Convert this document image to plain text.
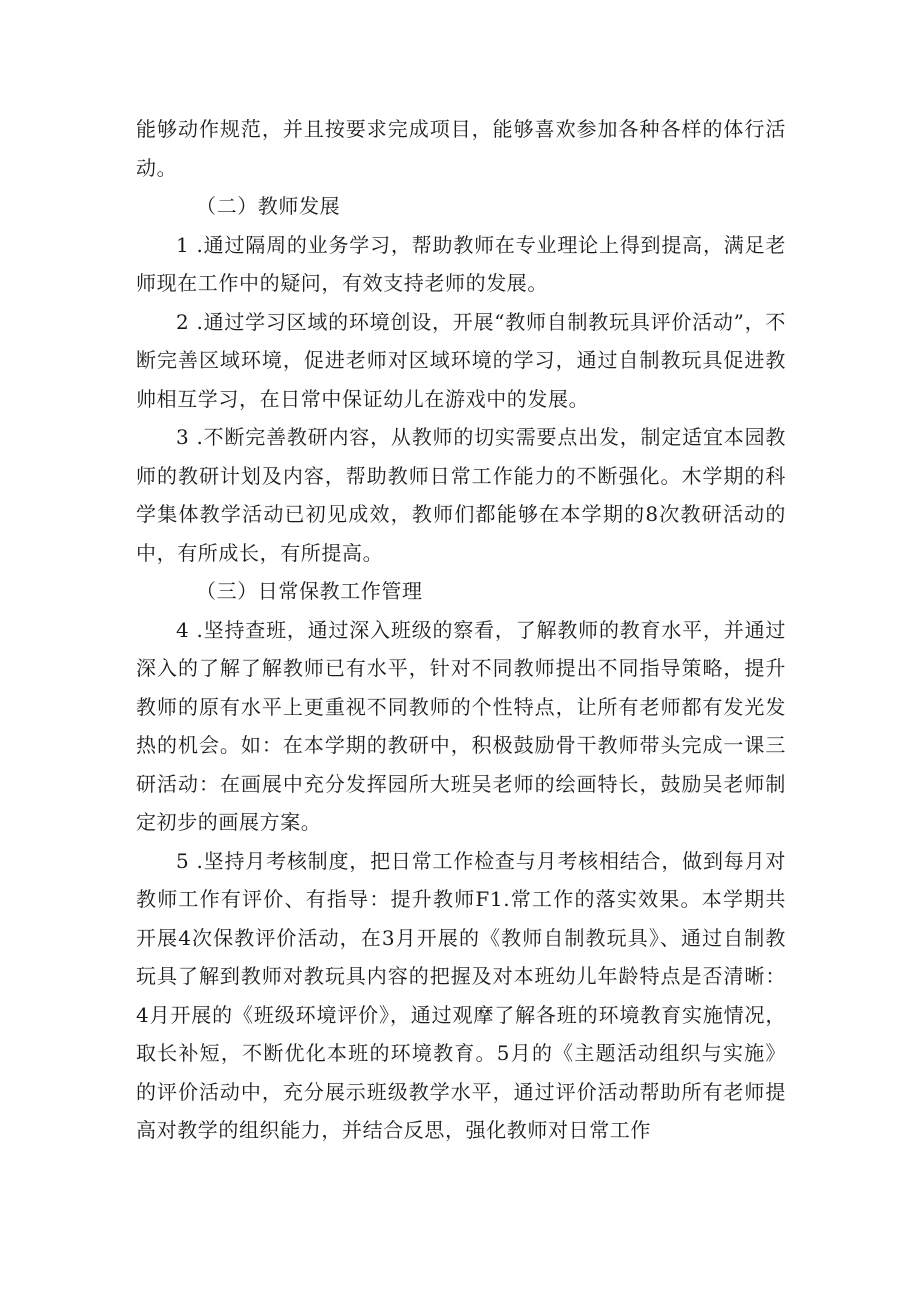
能够动作规范，并且按要求完成项目，能够喜欢参加各种各样的体行活动。

（二）教师发展

1 .通过隔周的业务学习，帮助教师在专业理论上得到提高，满足老师现在工作中的疑问，有效支持老师的发展。

2 .通过学习区域的环境创设，开展“教师自制教玩具评价活动”，不断完善区域环境，促进老师对区域环境的学习，通过自制教玩具促进教帅相互学习，在日常中保证幼儿在游戏中的发展。

3 .不断完善教研内容，从教师的切实需要点出发，制定适宜本园教师的教研计划及内容，帮助教师日常工作能力的不断强化。木学期的科学集体教学活动已初见成效，教师们都能够在本学期的8次教研活动的中，有所成长，有所提高。

（三）日常保教工作管理

4 .坚持查班，通过深入班级的察看，了解教师的教育水平，并通过深入的了解了解教师已有水平，针对不同教师提出不同指导策略，提升教师的原有水平上更重视不同教师的个性特点，让所有老师都有发光发热的机会。如：在本学期的教研中，积极鼓励骨干教师带头完成一课三研活动：在画展中充分发挥园所大班吴老师的绘画特长，鼓励吴老师制定初步的画展方案。

5 .坚持月考核制度，把日常工作检查与月考核相结合，做到每月对教师工作有评价、有指导：提升教师F1.常工作的落实效果。本学期共开展4次保教评价活动，在3月开展的《教师自制教玩具》、通过自制教玩具了解到教师对教玩具内容的把握及对本班幼儿年龄特点是否清晰：4月开展的《班级环境评价》，通过观摩了解各班的环境教育实施情况，取长补短，不断优化本班的环境教育。5月的《主题活动组织与实施》的评价活动中，充分展示班级教学水平，通过评价活动帮助所有老师提高对教学的组织能力，并结合反思，强化教师对日常工作
